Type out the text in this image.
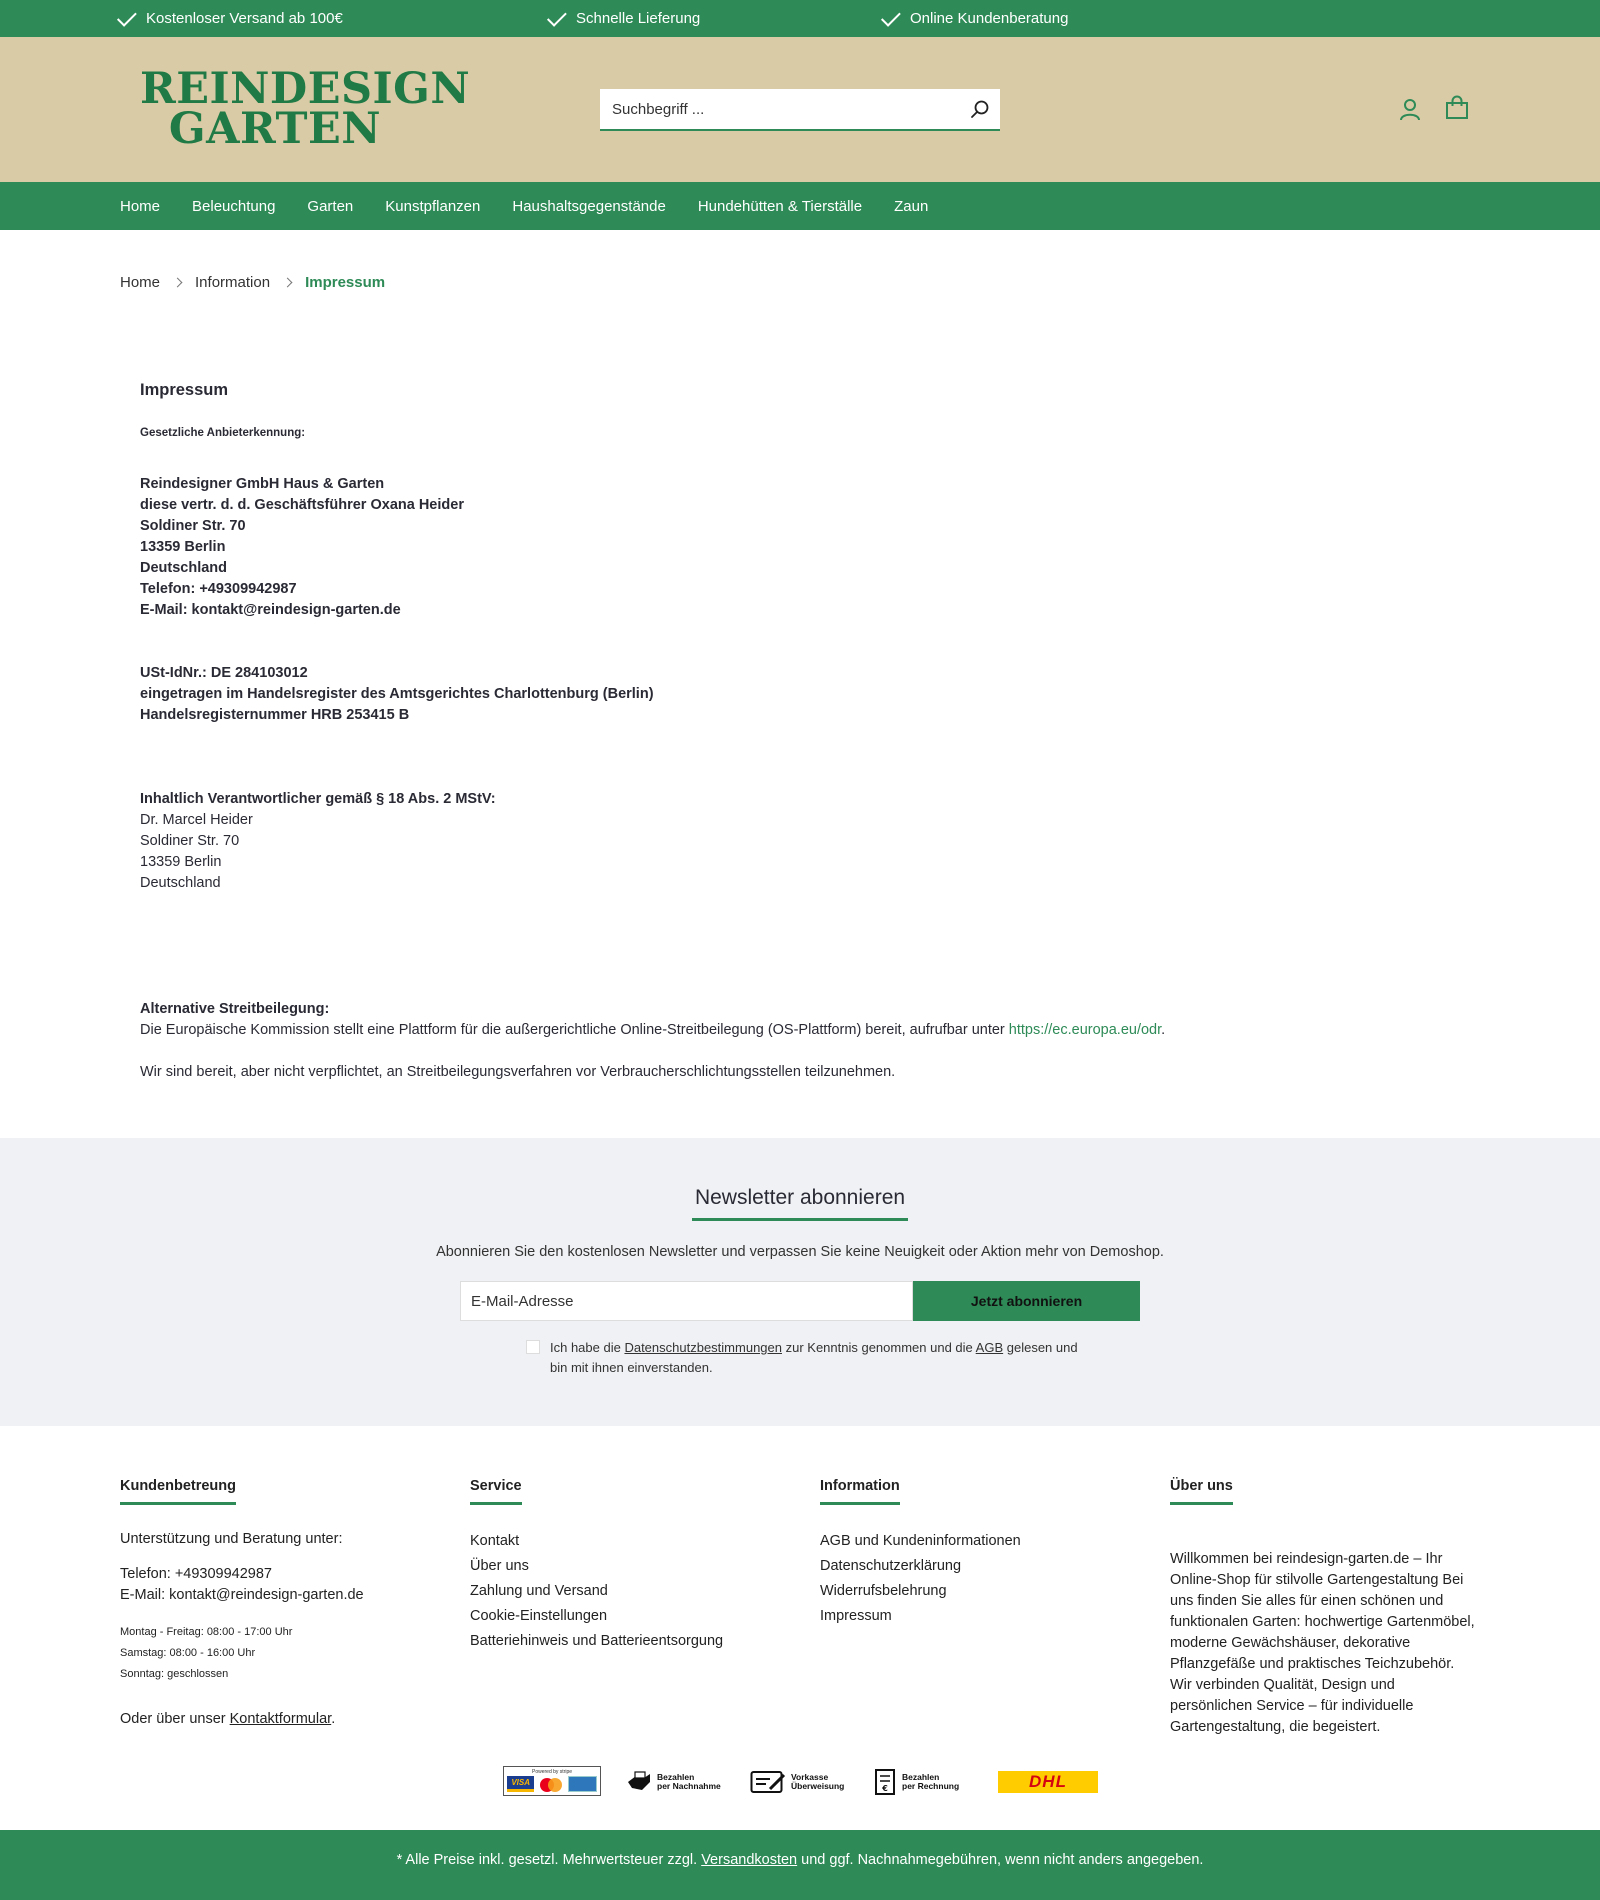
Kostenloser Versand ab 100€	Schnelle Lieferung	Online Kundenberatung
REINDESIGN
GARTEN
Suchbegriff ...
Home Beleuchtung Garten Kunstpflanzen Haushaltsgegenstände Hundehütten & Tierställe Zaun
Home Information Impressum
Impressum

Gesetzliche Anbieterkennung:

Reindesigner GmbH Haus & Garten

diese vertr. d. d. Geschäftsführer Oxana Heider

Soldiner Str. 70

13359 Berlin

Deutschland

Telefon: +49309942987

E-Mail: kontakt@reindesign-garten.de

USt-IdNr.: DE 284103012

eingetragen im Handelsregister des Amtsgerichtes Charlottenburg (Berlin)

Handelsregisternummer HRB 253415 B

Inhaltlich Verantwortlicher gemäß § 18 Abs. 2 MStV:

Dr. Marcel Heider

Soldiner Str. 70

13359 Berlin

Deutschland

Alternative Streitbeilegung:

Die Europäische Kommission stellt eine Plattform für die außergerichtliche Online-Streitbeilegung (OS-Plattform) bereit, aufrufbar unter https://ec.europa.eu/odr.

Wir sind bereit, aber nicht verpflichtet, an Streitbeilegungsverfahren vor Verbraucherschlichtungsstellen teilzunehmen.

Newsletter abonnieren

Abonnieren Sie den kostenlosen Newsletter und verpassen Sie keine Neuigkeit oder Aktion mehr von Demoshop.

E-Mail-Adresse
Jetzt abonnieren
Ich habe die Datenschutzbestimmungen zur Kenntnis genommen und die AGB gelesen und bin mit ihnen einverstanden.
Kundenbetreung

Unterstützung und Beratung unter:

Telefon: +49309942987

E-Mail: kontakt@reindesign-garten.de

Montag - Freitag: 08:00 - 17:00 Uhr

Samstag: 08:00 - 16:00 Uhr

Sonntag: geschlossen

Oder über unser Kontaktformular.

Service
Kontakt
Über uns
Zahlung und Versand
Cookie-Einstellungen
Batteriehinweis und Batterieentsorgung
Information
AGB und Kundeninformationen
Datenschutzerklärung
Widerrufsbelehrung
Impressum
Über uns

Willkommen bei reindesign-garten.de – Ihr Online-Shop für stilvolle Gartengestaltung Bei uns finden Sie alles für einen schönen und funktionalen Garten: hochwertige Gartenmöbel, moderne Gewächshäuser, dekorative Pflanzgefäße und praktisches Teichzubehör. Wir verbinden Qualität, Design und persönlichen Service – für individuelle Gartengestaltung, die begeistert.

Powered by stripe
VISA
Bezahlen
per Nachnahme
Vorkasse
Überweisung	€
Bezahlen
per Rechnung	DHL
* Alle Preise inkl. gesetzl. Mehrwertsteuer zzgl. Versandkosten und ggf. Nachnahmegebühren, wenn nicht anders angegeben.
